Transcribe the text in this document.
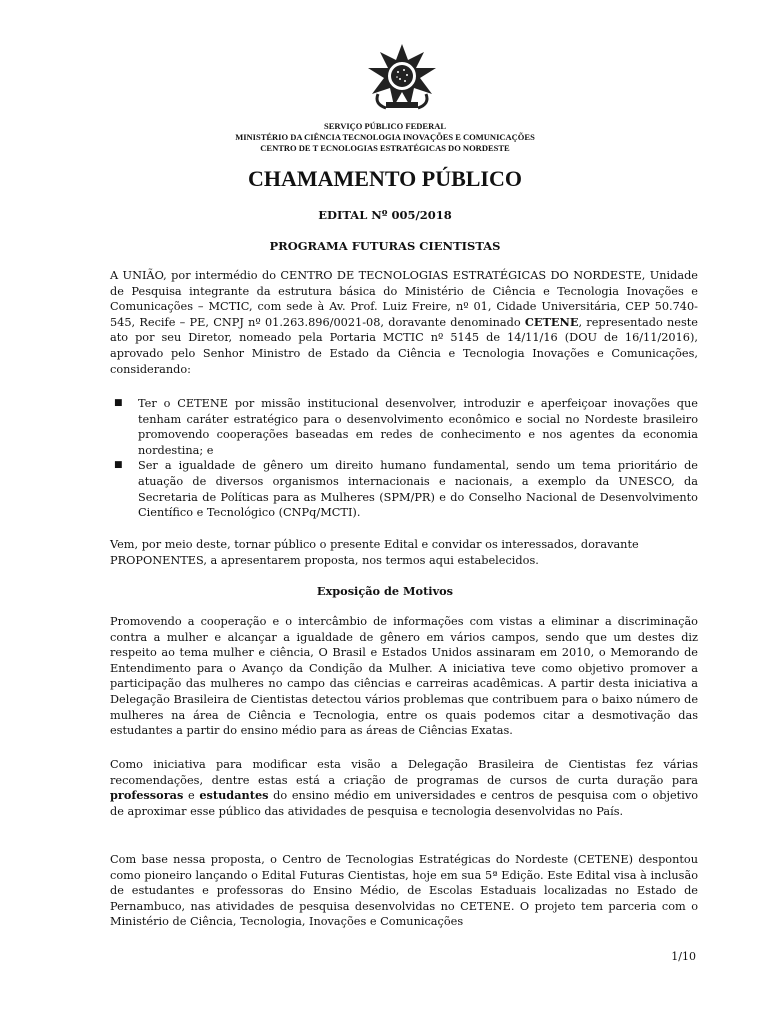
SERVIÇO PÚBLICO FEDERAL
MINISTÉRIO DA CIÊNCIA TECNOLOGIA INOVAÇÕES E COMUNICAÇÕES
CENTRO DE T ECNOLOGIAS ESTRATÉGICAS DO NORDESTE
CHAMAMENTO PÚBLICO
EDITAL Nº 005/2018
PROGRAMA FUTURAS CIENTISTAS
A UNIÃO, por intermédio do CENTRO DE TECNOLOGIAS ESTRATÉGICAS DO NORDESTE, Unidade de Pesquisa integrante da estrutura básica do Ministério de Ciência e Tecnologia Inovações e Comunicações – MCTIC, com sede à Av. Prof. Luiz Freire, nº 01, Cidade Universitária, CEP 50.740-545, Recife – PE, CNPJ nº 01.263.896/0021-08, doravante denominado CETENE, representado neste ato por seu Diretor, nomeado pela Portaria MCTIC nº 5145 de 14/11/16 (DOU de 16/11/2016), aprovado pelo Senhor Ministro de Estado da Ciência e Tecnologia Inovações e Comunicações, considerando:
■ Ter o CETENE por missão institucional desenvolver, introduzir e aperfeiçoar inovações que tenham caráter estratégico para o desenvolvimento econômico e social no Nordeste brasileiro promovendo cooperações baseadas em redes de conhecimento e nos agentes da economia nordestina; e
■ Ser a igualdade de gênero um direito humano fundamental, sendo um tema prioritário de atuação de diversos organismos internacionais e nacionais, a exemplo da UNESCO, da Secretaria de Políticas para as Mulheres (SPM/PR) e do Conselho Nacional de Desenvolvimento Científico e Tecnológico (CNPq/MCTI).
Vem, por meio deste, tornar público o presente Edital e convidar os interessados, doravante PROPONENTES, a apresentarem proposta, nos termos aqui estabelecidos.
Exposição de Motivos
Promovendo a cooperação e o intercâmbio de informações com vistas a eliminar a discriminação contra a mulher e alcançar a igualdade de gênero em vários campos, sendo que um destes diz respeito ao tema mulher e ciência, O Brasil e Estados Unidos assinaram em 2010, o Memorando de Entendimento para o Avanço da Condição da Mulher. A iniciativa teve como objetivo promover a participação das mulheres no campo das ciências e carreiras acadêmicas. A partir desta iniciativa a Delegação Brasileira de Cientistas detectou vários problemas que contribuem para o baixo número de mulheres na área de Ciência e Tecnologia, entre os quais podemos citar a desmotivação das estudantes a partir do ensino médio para as áreas de Ciências Exatas.
Como iniciativa para modificar esta visão a Delegação Brasileira de Cientistas fez várias recomendações, dentre estas está a criação de programas de cursos de curta duração para professoras e estudantes do ensino médio em universidades e centros de pesquisa com o objetivo de aproximar esse público das atividades de pesquisa e tecnologia desenvolvidas no País.
Com base nessa proposta, o Centro de Tecnologias Estratégicas do Nordeste (CETENE) despontou como pioneiro lançando o Edital Futuras Cientistas, hoje em sua 5ª Edição. Este Edital visa à inclusão de estudantes e professoras do Ensino Médio, de Escolas Estaduais localizadas no Estado de Pernambuco, nas atividades de pesquisa desenvolvidas no CETENE. O projeto tem parceria com o Ministério de Ciência, Tecnologia, Inovações e Comunicações
1/10
